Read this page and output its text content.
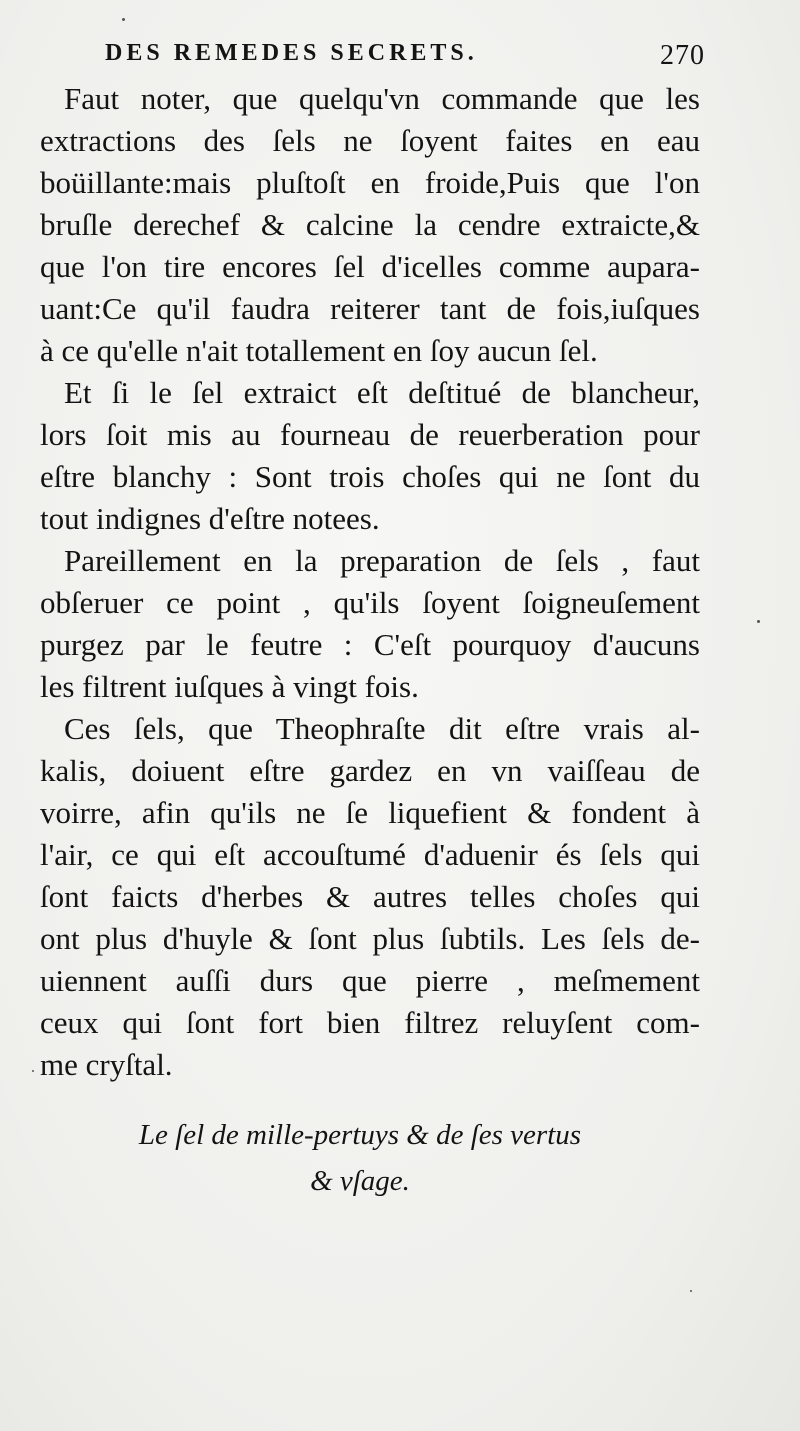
DES REMEDES SECRETS.	270
Faut noter, que quelqu'vn commande que les
extractions des ſels ne ſoyent faites en eau
boüillante:mais pluſtoſt en froide,Puis que l'on
bruſle derechef & calcine la cendre extraicte,&
que l'on tire encores ſel d'icelles comme aupara-
uant:Ce qu'il faudra reiterer tant de fois,iuſques
à ce qu'elle n'ait totallement en ſoy aucun ſel.
Et ſi le ſel extraict eſt deſtitué de blancheur,
lors ſoit mis au fourneau de reuerberation pour
eſtre blanchy : Sont trois choſes qui ne ſont du
tout indignes d'eſtre notees.
Pareillement en la preparation de ſels , faut
obſeruer ce point , qu'ils ſoyent ſoigneuſement
purgez par le feutre : C'eſt pourquoy d'aucuns
les filtrent iuſques à vingt fois.
Ces ſels, que Theophraſte dit eſtre vrais al-
kalis, doiuent eſtre gardez en vn vaiſſeau de
voirre, afin qu'ils ne ſe liquefient & fondent à
l'air, ce qui eſt accouſtumé d'aduenir és ſels qui
ſont faicts d'herbes & autres telles choſes qui
ont plus d'huyle & ſont plus ſubtils. Les ſels de-
uiennent auſſi durs que pierre , meſmement
ceux qui ſont fort bien filtrez reluyſent com-
me cryſtal.
Le ſel de mille-pertuys & de ſes vertus
& vſage.
